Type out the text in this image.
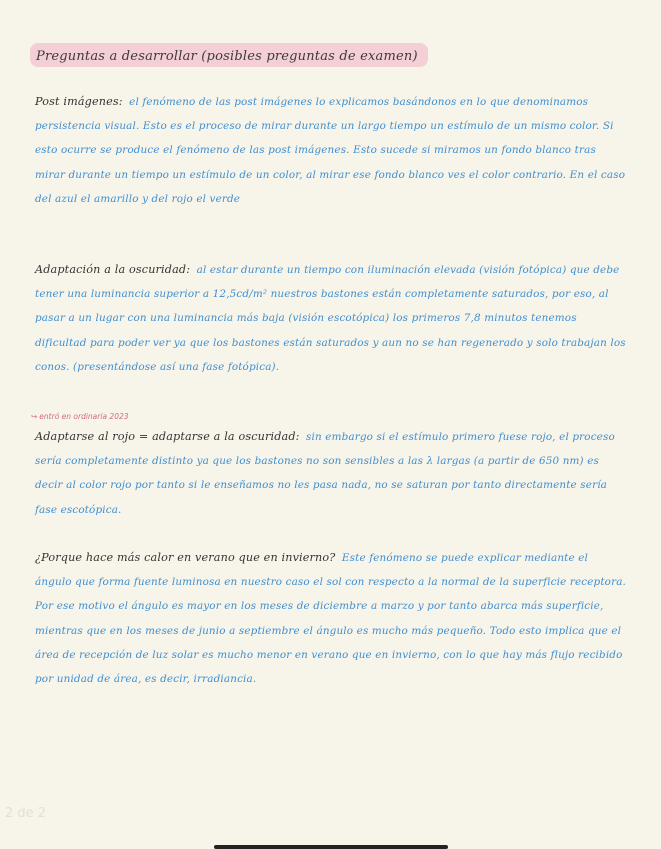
Preguntas a desarrollar (posibles preguntas de examen)
Post imágenes: el fenómeno de las post imágenes lo explicamos basándonos en lo que denominamos persistencia visual. Esto es el proceso de mirar durante un largo tiempo un estímulo de un mismo color. Si esto ocurre se produce el fenómeno de las post imágenes. Esto sucede si miramos un fondo blanco tras mirar durante un tiempo un estímulo de un color, al mirar ese fondo blanco ves el color contrario. En el caso del azul el amarillo y del rojo el verde
Adaptación a la oscuridad: al estar durante un tiempo con iluminación elevada (visión fotópica) que debe tener una luminancia superior a 12,5cd/m² nuestros bastones están completamente saturados, por eso, al pasar a un lugar con una luminancia más baja (visión escotópica) los primeros 7,8 minutos tenemos dificultad para poder ver ya que los bastones están saturados y aun no se han regenerado y solo trabajan los conos. (presentándose así una fase fotópica).
↪ entró en ordinaria 2023
Adaptarse al rojo = adaptarse a la oscuridad: sin embargo si el estímulo primero fuese rojo, el proceso sería completamente distinto ya que los bastones no son sensibles a las λ largas (a partir de 650 nm) es decir al color rojo por tanto si le enseñamos no les pasa nada, no se saturan por tanto directamente sería fase escotópica.
¿Porque hace más calor en verano que en invierno? Este fenómeno se puede explicar mediante el ángulo que forma fuente luminosa en nuestro caso el sol con respecto a la normal de la superficie receptora. Por ese motivo el ángulo es mayor en los meses de diciembre a marzo y por tanto abarca más superficie, mientras que en los meses de junio a septiembre el ángulo es mucho más pequeño. Todo esto implica que el área de recepción de luz solar es mucho menor en verano que en invierno, con lo que hay más flujo recibido por unidad de área, es decir, irradiancia.
2 de 2
